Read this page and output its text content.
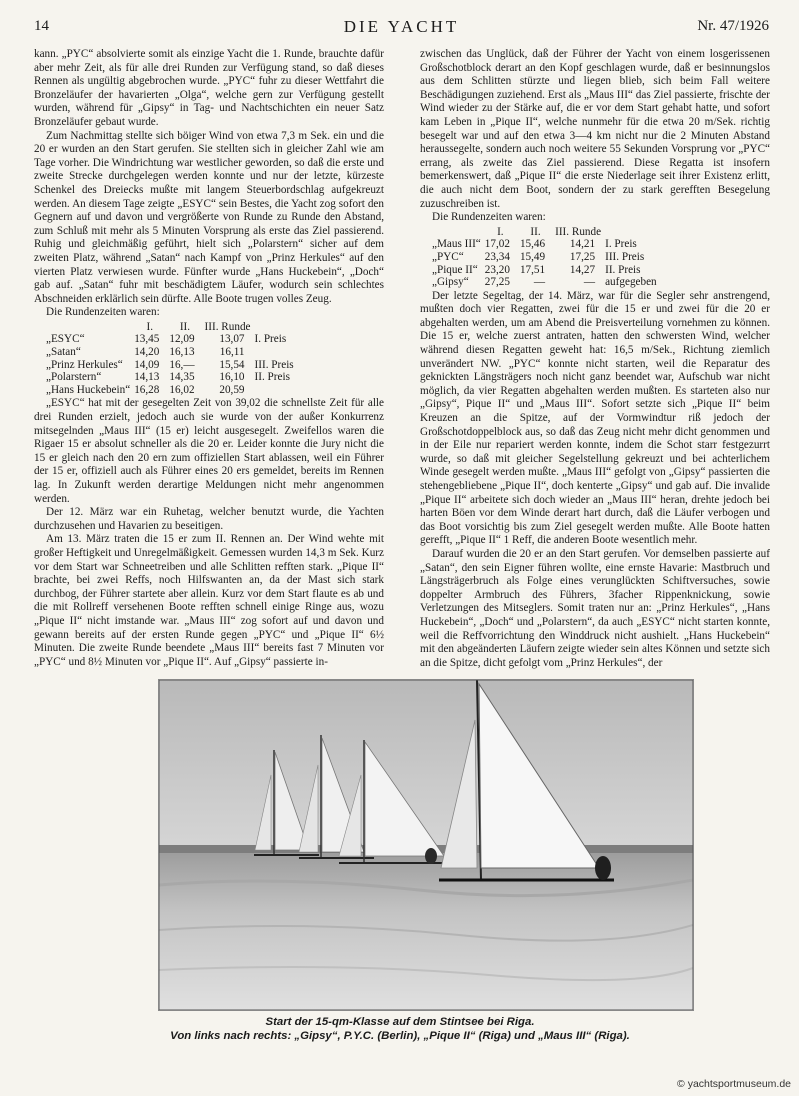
14	DIE YACHT	Nr. 47/1926

kann. „PYC“ absolvierte somit als einzige Yacht die 1. Runde, brauchte dafür aber mehr Zeit, als für alle drei Runden zur Verfügung stand, so daß dieses Rennen als ungültig abgebrochen wurde. „PYC“ fuhr zu dieser Wettfahrt die Bronzeläufer der havarierten „Olga“, welche gern zur Verfügung gestellt wurden, während für „Gipsy“ in Tag- und Nachtschichten ein neuer Satz Bronzeläufer gebaut wurde.

Zum Nachmittag stellte sich böiger Wind von etwa 7,3 m Sek. ein und die 20 er wurden an den Start gerufen. Sie stellten sich in gleicher Zahl wie am Tage vorher. Die Windrichtung war westlicher geworden, so daß die erste und zweite Strecke durchgelegen werden konnte und nur der letzte, kürzeste Schenkel des Dreiecks mußte mit langem Steuerbordschlag aufgekreuzt werden. An diesem Tage zeigte „ESYC“ sein Bestes, die Yacht zog sofort den Gegnern auf und davon und vergrößerte von Runde zu Runde den Abstand, zum Schluß mit mehr als 5 Minuten Vorsprung als erste das Ziel passierend. Ruhig und gleichmäßig geführt, hielt sich „Polarstern“ sicher auf dem zweiten Platz, während „Satan“ nach Kampf von „Prinz Herkules“ auf den vierten Platz verwiesen wurde. Fünfter wurde „Hans Huckebein“, „Doch“ gab auf. „Satan“ fuhr mit beschädigtem Läufer, wodurch sein schlechtes Abschneiden erklärlich sein dürfte. Alle Boote trugen volles Zeug.

Die Rundenzeiten waren:

	I.	II.	III. Runde	
„ESYC“	13,45	12,09	13,07	I. Preis
„Satan“	14,20	16,13	16,11	
„Prinz Herkules“	14,09	16,—	15,54	III. Preis
„Polarstern“	14,13	14,35	16,10	II. Preis
„Hans Huckebein“	16,28	16,02	20,59	

„ESYC“ hat mit der gesegelten Zeit von 39,02 die schnellste Zeit für alle drei Runden erzielt, jedoch auch sie wurde von der außer Konkurrenz mitsegelnden „Maus III“ (15 er) leicht ausgesegelt. Zweifellos waren die Rigaer 15 er absolut schneller als die 20 er. Leider konnte die Jury nicht die 15 er gleich nach den 20 ern zum offiziellen Start ablassen, weil ein Führer der 15 er, offiziell auch als Führer eines 20 ers gemeldet, bereits im Rennen lag. In Zukunft werden derartige Meldungen nicht mehr angenommen werden.

Der 12. März war ein Ruhetag, welcher benutzt wurde, die Yachten durchzusehen und Havarien zu beseitigen.

Am 13. März traten die 15 er zum II. Rennen an. Der Wind wehte mit großer Heftigkeit und Unregelmäßigkeit. Gemessen wurden 14,3 m Sek. Kurz vor dem Start war Schneetreiben und alle Schlitten refften stark. „Pique II“ brachte, bei zwei Reffs, noch Hilfswanten an, da der Mast sich stark durchbog, der Führer startete aber allein. Kurz vor dem Start flaute es ab und die mit Rollreff versehenen Boote refften schnell einige Ringe aus, wozu „Pique II“ nicht imstande war. „Maus III“ zog sofort auf und davon und gewann bereits auf der ersten Runde gegen „PYC“ und „Pique II“ 6½ Minuten. Die zweite Runde beendete „Maus III“ bereits fast 7 Minuten vor „PYC“ und 8½ Minuten vor „Pique II“. Auf „Gipsy“ passierte in-

zwischen das Unglück, daß der Führer der Yacht von einem losgerissenen Großschotblock derart an den Kopf geschlagen wurde, daß er besinnungslos aus dem Schlitten stürzte und liegen blieb, sich beim Fall weitere Beschädigungen zuziehend. Erst als „Maus III“ das Ziel passierte, frischte der Wind wieder zu der Stärke auf, die er vor dem Start gehabt hatte, und sofort kam Leben in „Pique II“, welche nunmehr für die etwa 20 m/Sek. richtig besegelt war und auf den etwa 3—4 km nicht nur die 2 Minuten Abstand heraussegelte, sondern auch noch weitere 55 Sekunden Vorsprung vor „PYC“ errang, als zweite das Ziel passierend. Diese Regatta ist insofern bemerkenswert, daß „Pique II“ die erste Niederlage seit ihrer Existenz erlitt, die auch nicht dem Boot, sondern der zu stark gerefften Besegelung zuzuschreiben ist.

Die Rundenzeiten waren:

	I.	II.	III. Runde	
„Maus III“	17,02	15,46	14,21	I. Preis
„PYC“	23,34	15,49	17,25	III. Preis
„Pique II“	23,20	17,51	14,27	II. Preis
„Gipsy“	27,25	—	—	aufgegeben

Der letzte Segeltag, der 14. März, war für die Segler sehr anstrengend, mußten doch vier Regatten, zwei für die 15 er und zwei für die 20 er abgehalten werden, um am Abend die Preisverteilung vornehmen zu können. Die 15 er, welche zuerst antraten, hatten den schwersten Wind, welcher während diesen Regatten geweht hat: 16,5 m/Sek., Richtung ziemlich unverändert NW. „PYC“ konnte nicht starten, weil die Reparatur des geknickten Längsträgers noch nicht ganz beendet war, Aufschub war nicht möglich, da vier Regatten abgehalten werden mußten. Es starteten also nur „Gipsy“, Pique II“ und „Maus III“. Sofort setzte sich „Pique II“ beim Kreuzen an die Spitze, auf der Vormwindtur riß jedoch der Großschotdoppelblock aus, so daß das Zeug nicht mehr dicht genommen und in der Eile nur repariert werden konnte, indem die Schot starr festgezurrt wurde, so daß mit gleicher Segelstellung gekreuzt und bei achterlichem Winde gesegelt werden mußte. „Maus III“ gefolgt von „Gipsy“ passierten die stehengebliebene „Pique II“, doch kenterte „Gipsy“ und gab auf. Die invalide „Pique II“ arbeitete sich doch wieder an „Maus III“ heran, drehte jedoch bei harten Böen vor dem Winde derart hart durch, daß die Läufer verbogen und das Boot vorsichtig bis zum Ziel gesegelt werden mußte. Alle Boote hatten gerefft, „Pique II“ 1 Reff, die anderen Boote wesentlich mehr.

Darauf wurden die 20 er an den Start gerufen. Vor demselben passierte auf „Satan“, den sein Eigner führen wollte, eine ernste Havarie: Mastbruch und Längsträgerbruch als Folge eines verunglückten Schiftversuches, sowie doppelter Armbruch des Führers, 3facher Rippenknickung, sowie Verletzungen des Mitseglers. Somit traten nur an: „Prinz Herkules“, „Hans Huckebein“, „Doch“ und „Polarstern“, da auch „ESYC“ nicht starten konnte, weil die Reffvorrichtung den Winddruck nicht aushielt. „Hans Huckebein“ mit den abgeänderten Läufern zeigte wieder sein altes Können und setzte sich an die Spitze, dicht gefolgt vom „Prinz Herkules“, der

Start der 15-qm-Klasse auf dem Stintsee bei Riga.
Von links nach rechts: „Gipsy“, P.Y.C. (Berlin), „Pique II“ (Riga) und „Maus III“ (Riga).
© yachtsportmuseum.de
